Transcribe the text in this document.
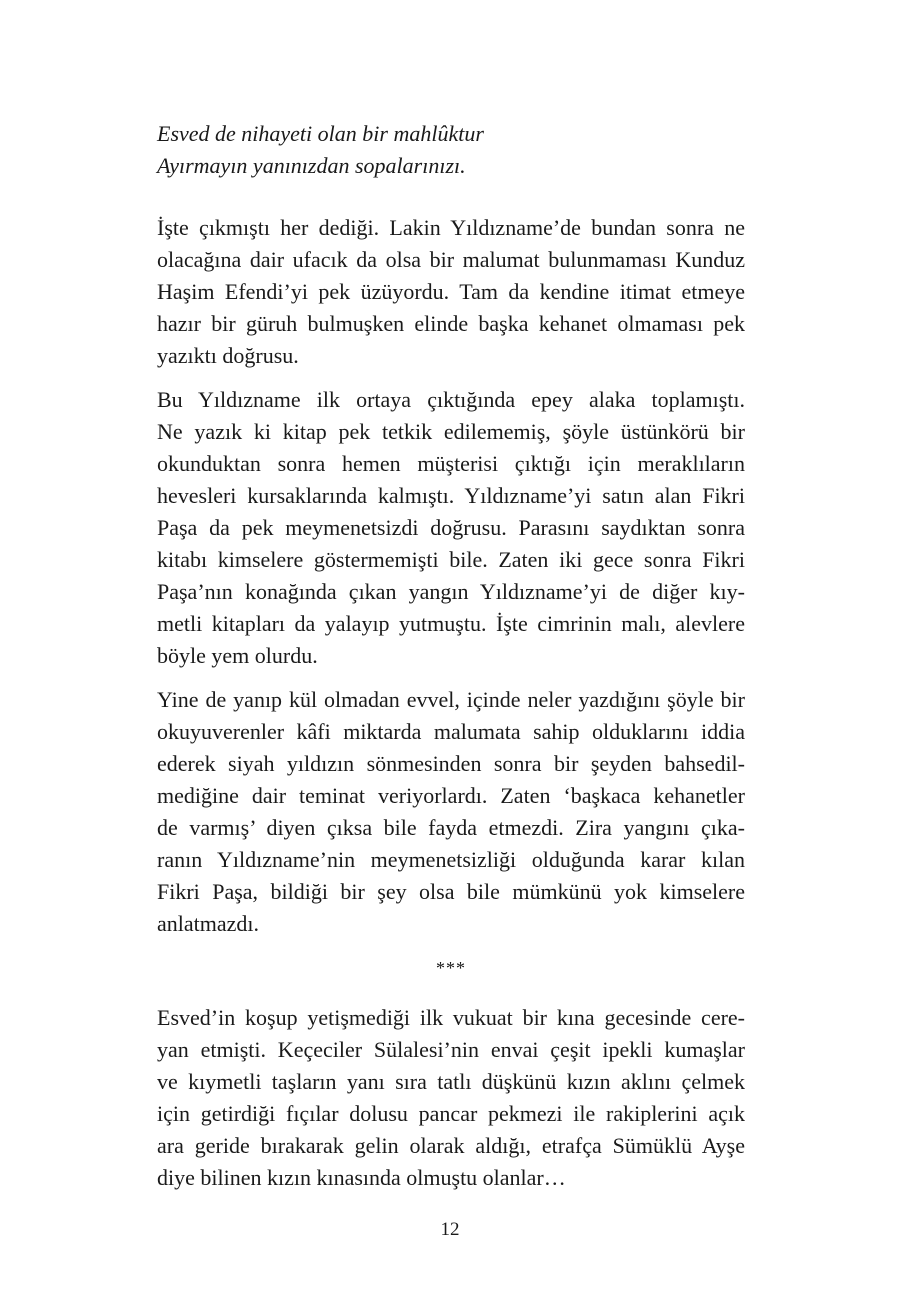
Esved de nihayeti olan bir mahlûktur
Ayırmayın yanınızdan sopalarınızı.
İşte çıkmıştı her dediği. Lakin Yıldızname’de bundan sonra ne
olacağına dair ufacık da olsa bir malumat bulunmaması Kunduz
Haşim Efendi’yi pek üzüyordu. Tam da kendine itimat etmeye
hazır bir güruh bulmuşken elinde başka kehanet olmaması pek
yazıktı doğrusu.
Bu Yıldızname ilk ortaya çıktığında epey alaka toplamıştı.
Ne yazık ki kitap pek tetkik edilememiş, şöyle üstünkörü bir
okunduktan sonra hemen müşterisi çıktığı için meraklıların
hevesleri kursaklarında kalmıştı. Yıldızname’yi satın alan Fikri
Paşa da pek meymenetsizdi doğrusu. Parasını saydıktan sonra
kitabı kimselere göstermemişti bile. Zaten iki gece sonra Fikri
Paşa’nın konağında çıkan yangın Yıldızname’yi de diğer kıy-
metli kitapları da yalayıp yutmuştu. İşte cimrinin malı, alevlere
böyle yem olurdu.
Yine de yanıp kül olmadan evvel, içinde neler yazdığını şöyle bir
okuyuverenler kâfi miktarda malumata sahip olduklarını iddia
ederek siyah yıldızın sönmesinden sonra bir şeyden bahsedil-
mediğine dair teminat veriyorlardı. Zaten ‘başkaca kehanetler
de varmış’ diyen çıksa bile fayda etmezdi. Zira yangını çıka-
ranın Yıldızname’nin meymenetsizliği olduğunda karar kılan
Fikri Paşa, bildiği bir şey olsa bile mümkünü yok kimselere
anlatmazdı.
***
Esved’in koşup yetişmediği ilk vukuat bir kına gecesinde cere-
yan etmişti. Keçeciler Sülalesi’nin envai çeşit ipekli kumaşlar
ve kıymetli taşların yanı sıra tatlı düşkünü kızın aklını çelmek
için getirdiği fıçılar dolusu pancar pekmezi ile rakiplerini açık
ara geride bırakarak gelin olarak aldığı, etrafça Sümüklü Ayşe
diye bilinen kızın kınasında olmuştu olanlar…
12
